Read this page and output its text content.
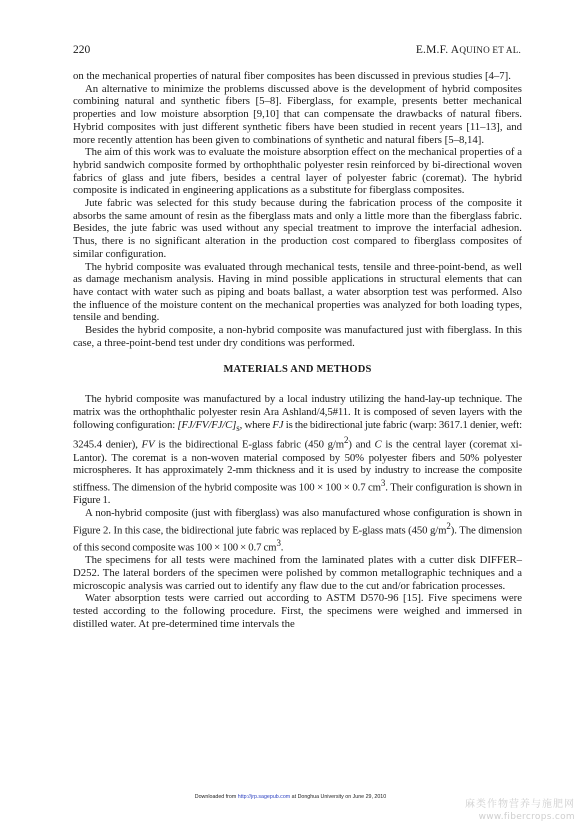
220	E.M.F. AQUINO ET AL.

on the mechanical properties of natural fiber composites has been discussed in previous studies [4–7].

An alternative to minimize the problems discussed above is the development of hybrid composites combining natural and synthetic fibers [5–8]. Fiberglass, for example, presents better mechanical properties and low moisture absorption [9,10] that can compensate the drawbacks of natural fibers. Hybrid composites with just different synthetic fibers have been studied in recent years [11–13], and more recently attention has been given to combinations of synthetic and natural fibers [5–8,14].

The aim of this work was to evaluate the moisture absorption effect on the mechanical properties of a hybrid sandwich composite formed by orthophthalic polyester resin reinforced by bi-directional woven fabrics of glass and jute fibers, besides a central layer of polyester fabric (coremat). The hybrid composite is indicated in engineering applications as a substitute for fiberglass composites.

Jute fabric was selected for this study because during the fabrication process of the composite it absorbs the same amount of resin as the fiberglass mats and only a little more than the fiberglass fabric. Besides, the jute fabric was used without any special treatment to improve the interfacial adhesion. Thus, there is no significant alteration in the production cost compared to fiberglass composites of similar configuration.

The hybrid composite was evaluated through mechanical tests, tensile and three-point-bend, as well as damage mechanism analysis. Having in mind possible applications in structural elements that can have contact with water such as piping and boats ballast, a water absorption test was performed. Also the influence of the moisture content on the mechanical properties was analyzed for both loading types, tensile and bending.

Besides the hybrid composite, a non-hybrid composite was manufactured just with fiberglass. In this case, a three-point-bend test under dry conditions was performed.

MATERIALS AND METHODS

The hybrid composite was manufactured by a local industry utilizing the hand-lay-up technique. The matrix was the orthophthalic polyester resin Ara Ashland/4,5#11. It is composed of seven layers with the following configuration: $[FJ/FV/FJ/C]_s$, where FJ is the bidirectional jute fabric (warp: 3617.1 denier, weft: 3245.4 denier), FV is the bidirectional E-glass fabric (450 $g/m^2$) and C is the central layer (coremat xi-Lantor). The coremat is a non-woven material composed by 50% polyester fibers and 50% polyester microspheres. It has approximately 2-mm thickness and it is used by industry to increase the composite stiffness. The dimension of the hybrid composite was 100 × 100 × 0.7 $cm^3$. Their configuration is shown in Figure 1.

A non-hybrid composite (just with fiberglass) was also manufactured whose configuration is shown in Figure 2. In this case, the bidirectional jute fabric was replaced by E-glass mats (450 $g/m^2$). The dimension of this second composite was 100 × 100 × 0.7 $cm^3$.

The specimens for all tests were machined from the laminated plates with a cutter disk DIFFER–D252. The lateral borders of the specimen were polished by common metallographic techniques and a microscopic analysis was carried out to identify any flaw due to the cut and/or fabrication processes.

Water absorption tests were carried out according to ASTM D570-96 [15]. Five specimens were tested according to the following procedure. First, the specimens were weighed and immersed in distilled water. At pre-determined time intervals the

Downloaded from http://jrp.sagepub.com at Donghua University on June 29, 2010
麻类作物营养与施肥网
www.fibercrops.com
